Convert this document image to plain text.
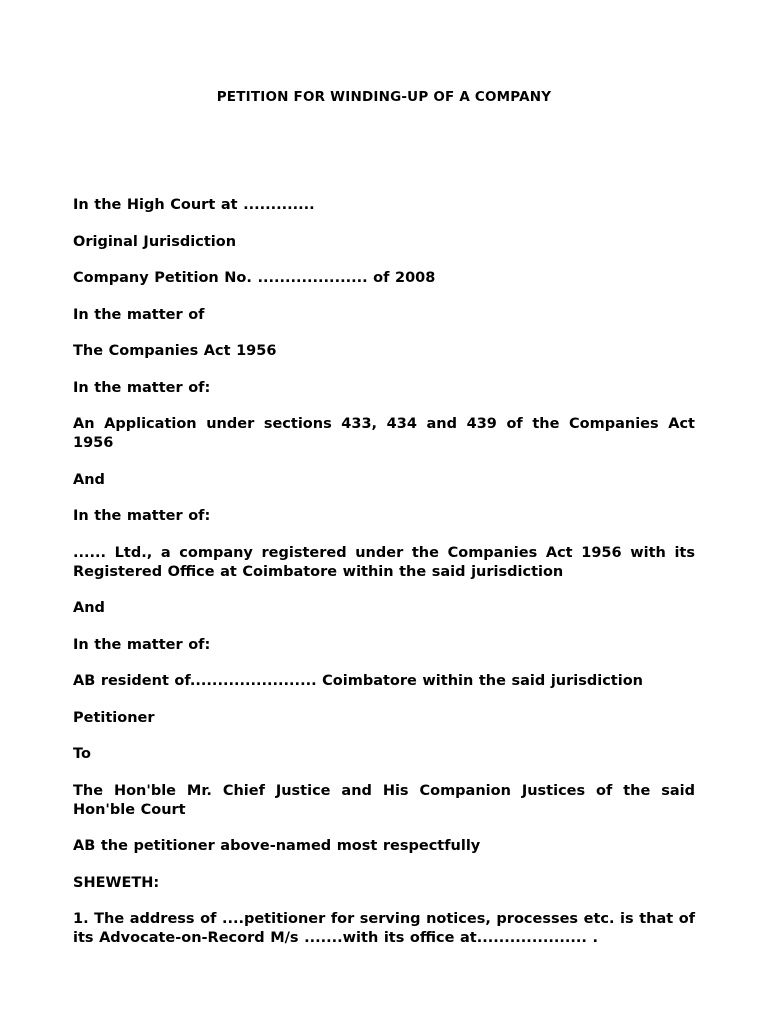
PETITION FOR WINDING-UP OF A COMPANY

In the High Court at .............

Original Jurisdiction

Company Petition No. .................... of 2008

In the matter of

The Companies Act 1956

In the matter of:

An Application under sections 433, 434 and 439 of the Companies Act 1956

And

In the matter of:

...... Ltd., a company registered under the Companies Act 1956 with its Registered Office at Coimbatore within the said jurisdiction

And

In the matter of:

AB resident of....................... Coimbatore within the said jurisdiction

Petitioner

To

The Hon'ble Mr. Chief Justice and His Companion Justices of the said Hon'ble Court

AB the petitioner above-named most respectfully

SHEWETH:

1. The address of ....petitioner for serving notices, processes etc. is that of its Advocate-on-Record M/s .......with its office at.................... .
